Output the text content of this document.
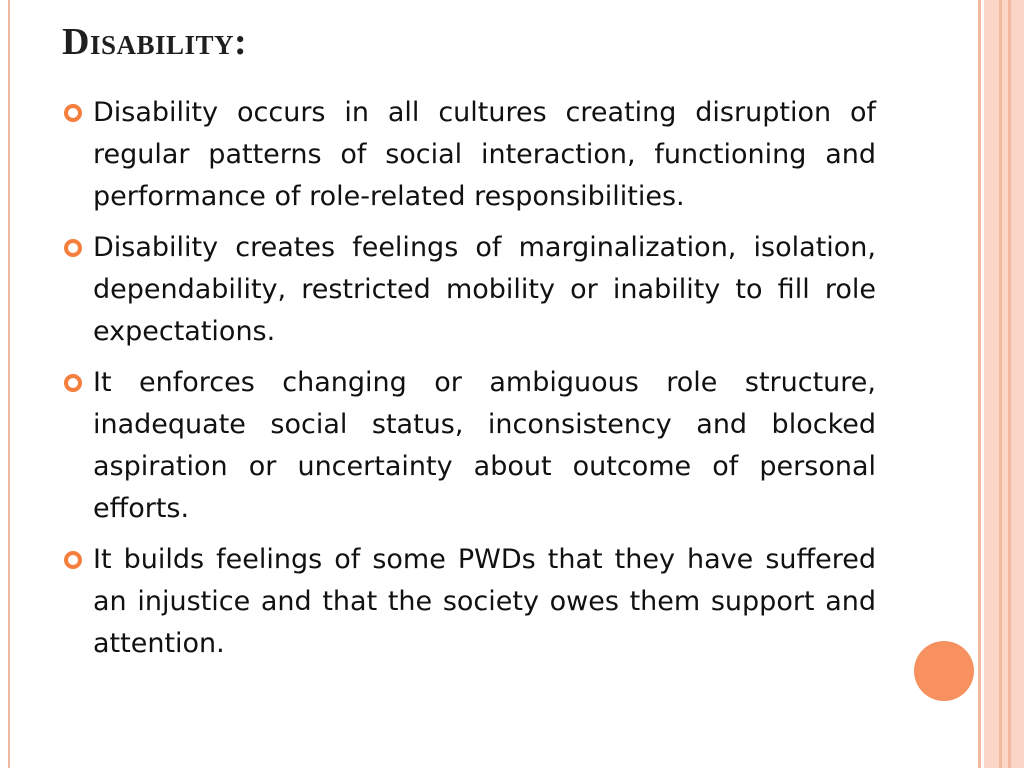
Disability:
Disability occurs in all cultures creating disruption of regular patterns of social interaction, functioning and performance of role-related responsibilities.
Disability creates feelings of marginalization, isolation, dependability, restricted mobility or inability to fill role expectations.
It enforces changing or ambiguous role structure, inadequate social status, inconsistency and blocked aspiration or uncertainty about outcome of personal efforts.
It builds feelings of some PWDs that they have suffered an injustice and that the society owes them support and attention.
